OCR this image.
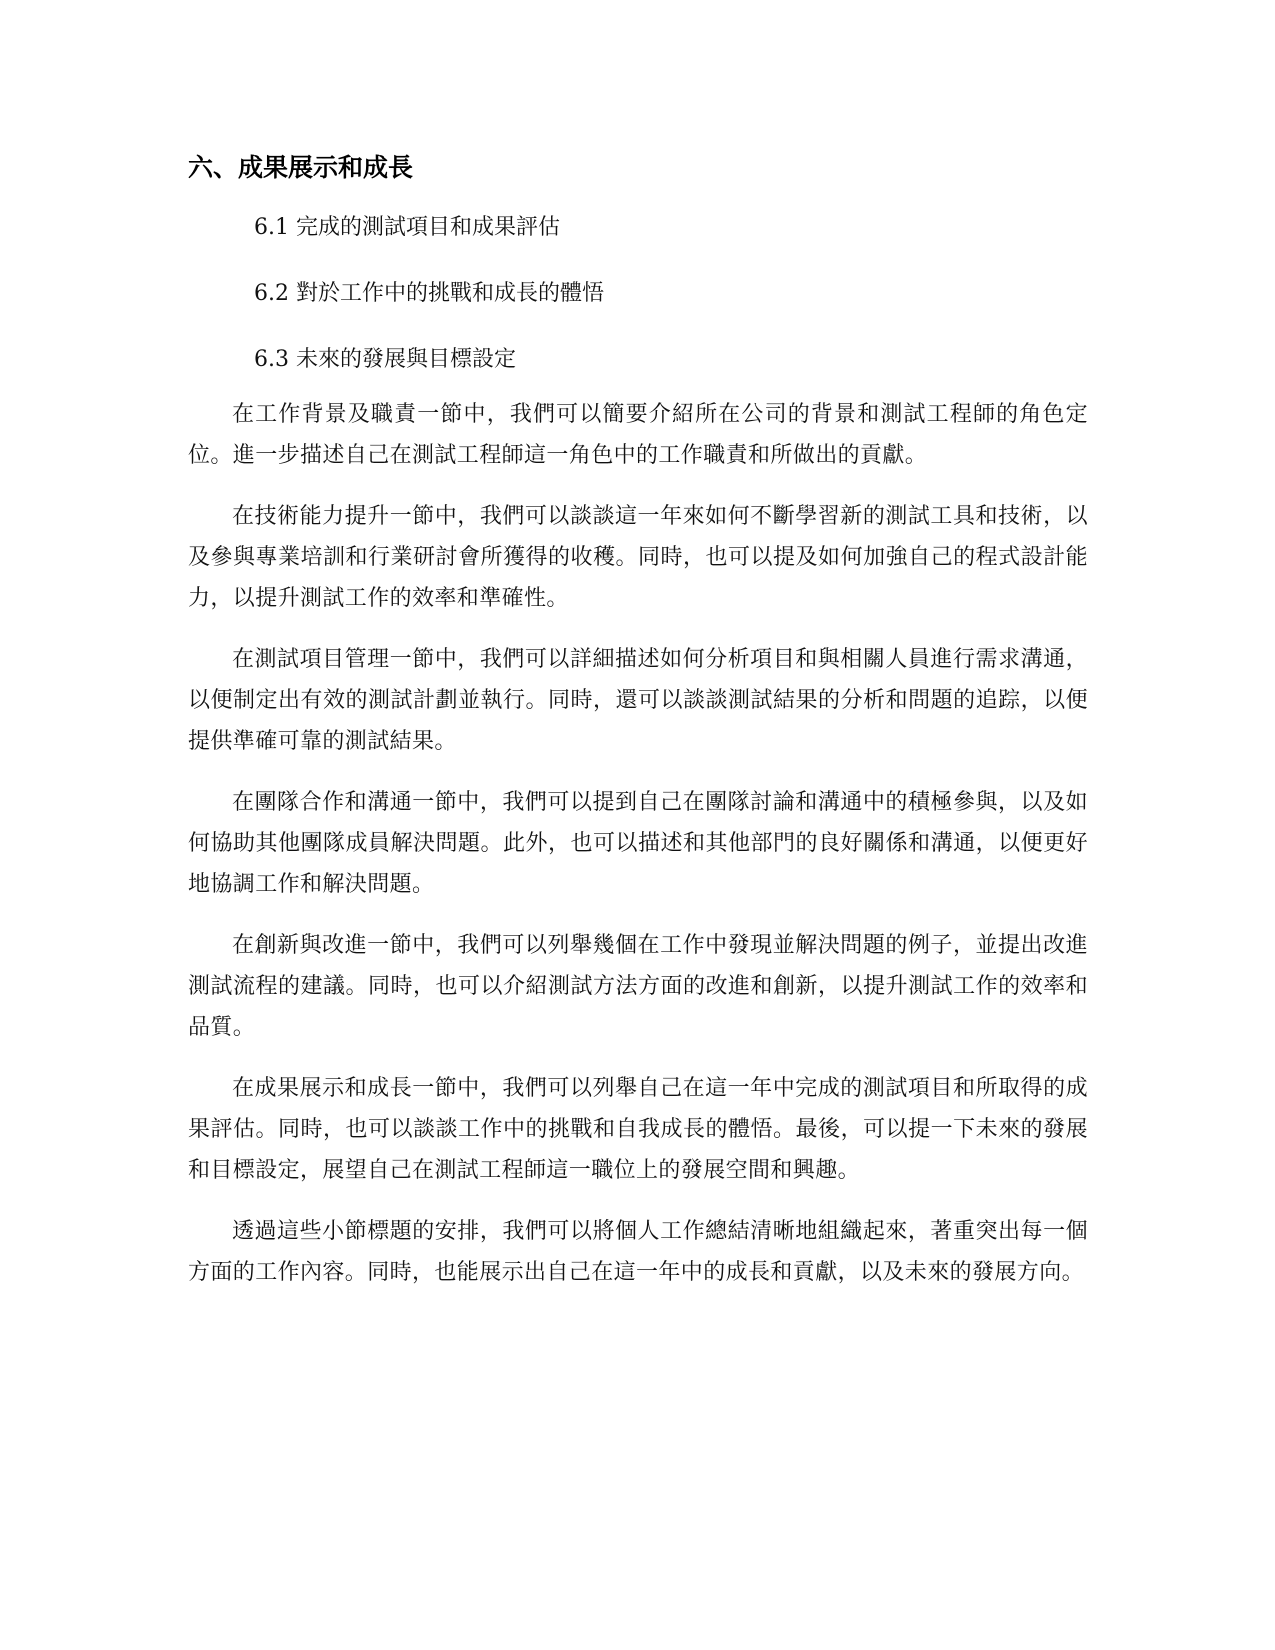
六、成果展示和成長
6.1 完成的測試項目和成果評估
6.2 對於工作中的挑戰和成長的體悟
6.3 未來的發展與目標設定

在工作背景及職責一節中，我們可以簡要介紹所在公司的背景和測試工程師的角色定位。進一步描述自己在測試工程師這一角色中的工作職責和所做出的貢獻。

在技術能力提升一節中，我們可以談談這一年來如何不斷學習新的測試工具和技術，以及參與專業培訓和行業研討會所獲得的收穫。同時，也可以提及如何加強自己的程式設計能力，以提升測試工作的效率和準確性。

在測試項目管理一節中，我們可以詳細描述如何分析項目和與相關人員進行需求溝通，以便制定出有效的測試計劃並執行。同時，還可以談談測試結果的分析和問題的追踪，以便提供準確可靠的測試結果。

在團隊合作和溝通一節中，我們可以提到自己在團隊討論和溝通中的積極參與，以及如何協助其他團隊成員解決問題。此外，也可以描述和其他部門的良好關係和溝通，以便更好地協調工作和解決問題。

在創新與改進一節中，我們可以列舉幾個在工作中發現並解決問題的例子，並提出改進測試流程的建議。同時，也可以介紹測試方法方面的改進和創新，以提升測試工作的效率和品質。

在成果展示和成長一節中，我們可以列舉自己在這一年中完成的測試項目和所取得的成果評估。同時，也可以談談工作中的挑戰和自我成長的體悟。最後，可以提一下未來的發展和目標設定，展望自己在測試工程師這一職位上的發展空間和興趣。

透過這些小節標題的安排，我們可以將個人工作總結清晰地組織起來，著重突出每一個方面的工作內容。同時，也能展示出自己在這一年中的成長和貢獻，以及未來的發展方向。
